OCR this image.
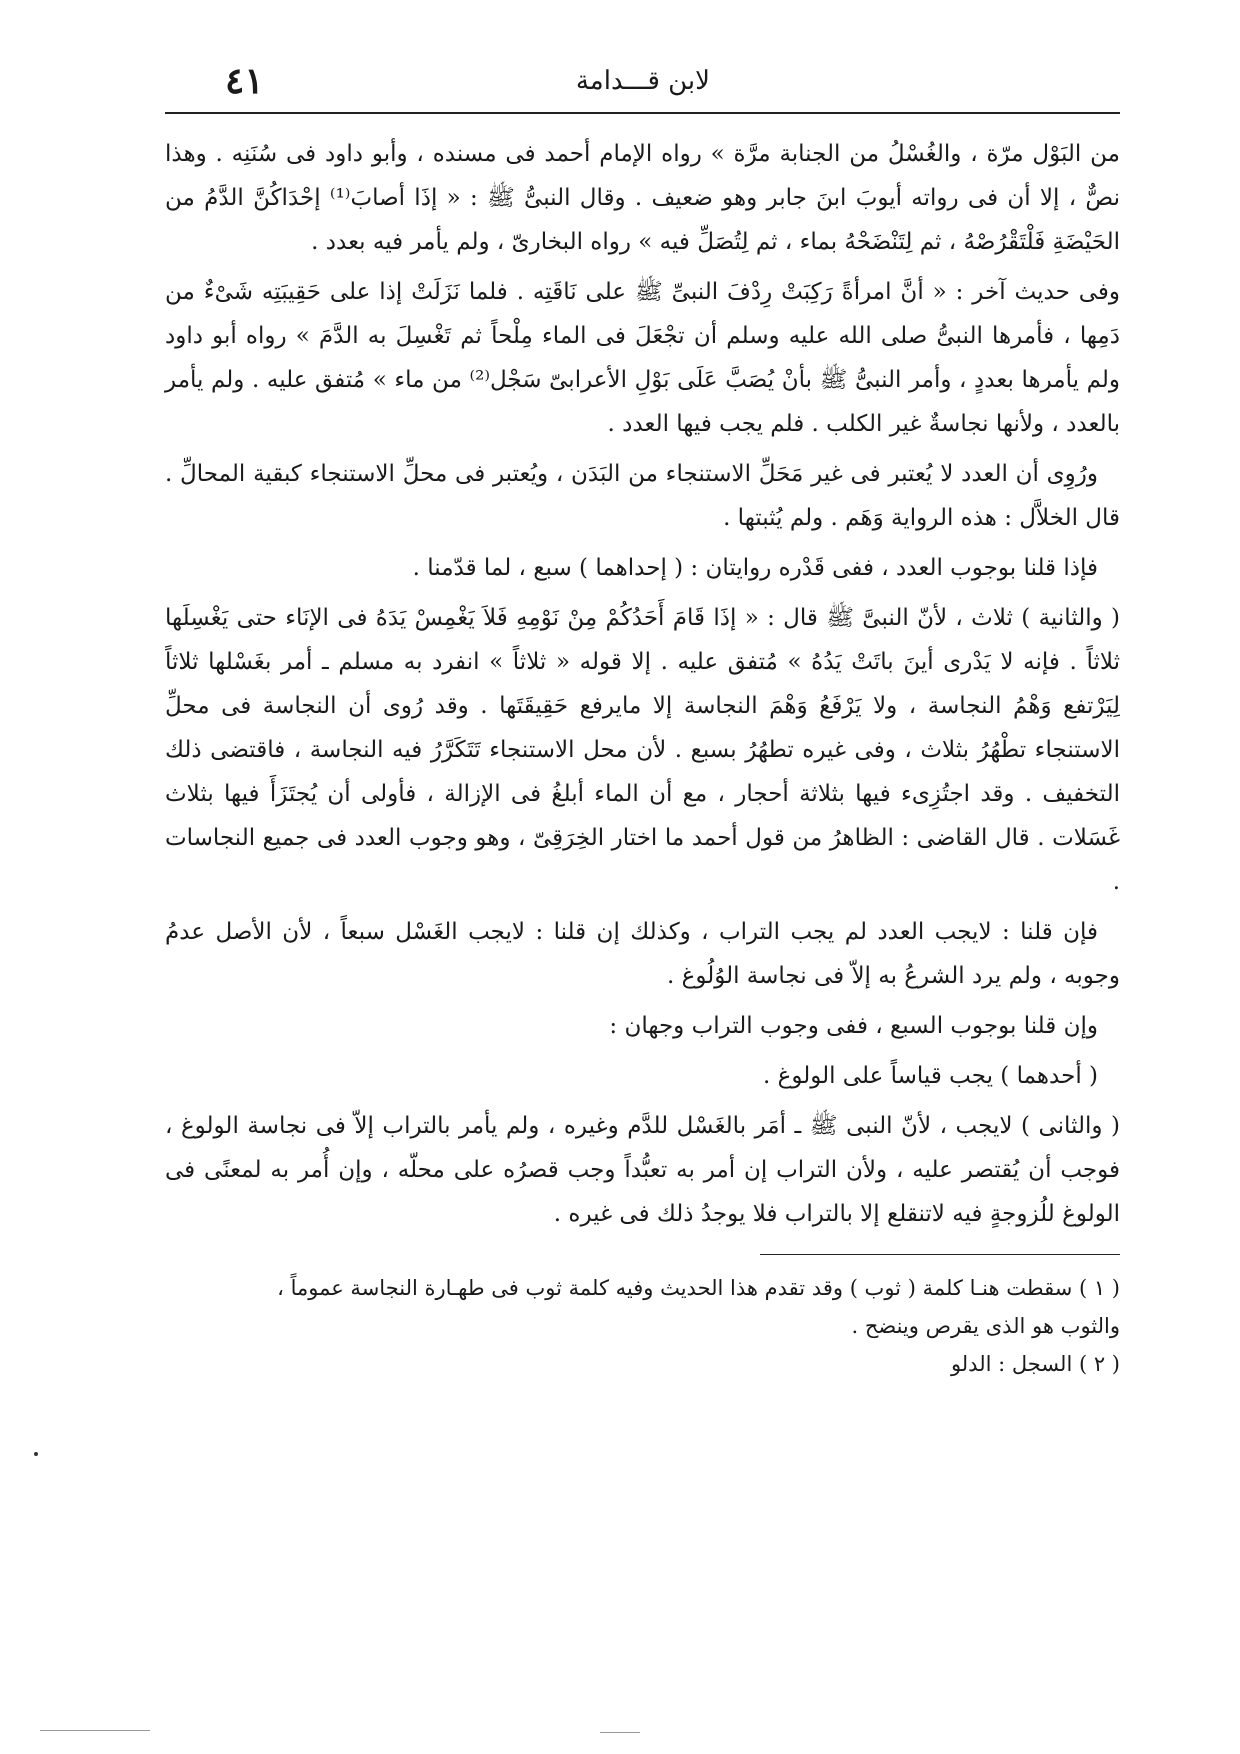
لابن قـــدامة
٤١

من البَوْل مرّة ، والغُسْلُ من الجنابة مرَّة » رواه الإمام أحمد فى مسنده ، وأبو داود فى سُنَنِه . وهذا نصٌّ ، إلا أن فى رواته أيوبَ ابنَ جابر وهو ضعيف . وقال النبىُّ ﷺ : « إذَا أصابَ⁽¹⁾ إحْدَاكُنَّ الدَّمُ من الحَيْضَةِ فَلْتَقْرُصْهُ ، ثم لِتَنْضَحْهُ بماء ، ثم لِتُصَلِّ فيه » رواه البخارىّ ، ولم يأمر فيه بعدد .

وفى حديث آخر : « أنَّ امرأةً رَكِبَتْ رِدْفَ النبىِّ ﷺ على نَاقَتِه . فلما نَزَلَتْ إذا على حَقِيبَتِه شَىْءٌ من دَمِها ، فأمرها النبىُّ صلى الله عليه وسلم أن تجْعَلَ فى الماء مِلْحاً ثم تَغْسِلَ به الدَّمَ » رواه أبو داود ولم يأمرها بعددٍ ، وأمر النبىُّ ﷺ بأنْ يُصَبَّ عَلَى بَوْلِ الأعرابىّ سَجْل⁽²⁾ من ماء » مُتفق عليه . ولم يأمر بالعدد ، ولأنها نجاسةٌ غير الكلب . فلم يجب فيها العدد .

ورُوِى أن العدد لا يُعتبر فى غير مَحَلِّ الاستنجاء من البَدَن ، ويُعتبر فى محلِّ الاستنجاء كبقية المحالِّ . قال الخلاَّل : هذه الرواية وَهَم . ولم يُثبتها .

فإذا قلنا بوجوب العدد ، ففى قَدْره روايتان : ( إحداهما ) سبع ، لما قدّمنا .

( والثانية ) ثلاث ، لأنّ النبىَّ ﷺ قال : « إذَا قَامَ أَحَدُكُمْ مِنْ نَوْمِهِ فَلاَ يَغْمِسْ يَدَهُ فى الإنَاء حتى يَغْسِلَها ثلاثاً . فإنه لا يَدْرى أينَ باتَتْ يَدُهُ » مُتفق عليه . إلا قوله « ثلاثاً » انفرد به مسلم ـ أمر بغَسْلها ثلاثاً لِيَرْتفع وَهْمُ النجاسة ، ولا يَرْفَعُ وَهْمَ النجاسة إلا مايرفع حَقِيقَتَها . وقد رُوى أن النجاسة فى محلِّ الاستنجاء تطْهُرُ بثلاث ، وفى غيره تطهُرُ بسبع . لأن محل الاستنجاء تَتَكَرَّرُ فيه النجاسة ، فاقتضى ذلك التخفيف . وقد اجتُزِىء فيها بثلاثة أحجار ، مع أن الماء أبلغُ فى الإزالة ، فأولى أن يُجتَزَأَ فيها بثلاث غَسَلات . قال القاضى : الظاهرُ من قول أحمد ما اختار الخِرَقِىّ ، وهو وجوب العدد فى جميع النجاسات .

فإن قلنا : لايجب العدد لم يجب التراب ، وكذلك إن قلنا : لايجب الغَسْل سبعاً ، لأن الأصل عدمُ وجوبه ، ولم يرد الشرعُ به إلاّ فى نجاسة الوُلُوغ .

وإن قلنا بوجوب السبع ، ففى وجوب التراب وجهان :

( أحدهما ) يجب قياساً على الولوغ .

( والثانى ) لايجب ، لأنّ النبى ﷺ ـ أمَر بالغَسْل للدَّم وغيره ، ولم يأمر بالتراب إلاّ فى نجاسة الولوغ ، فوجب أن يُقتصر عليه ، ولأن التراب إن أمر به تعبُّداً وجب قصرُه على محلّه ، وإن أُمر به لمعنًى فى الولوغ للُزوجةٍ فيه لاتنقلع إلا بالتراب فلا يوجدُ ذلك فى غيره .

( ١ ) سقطت هنـا كلمة ( ثوب ) وقد تقدم هذا الحديث وفيه كلمة ثوب فى طهـارة النجاسة عموماً ،

والثوب هو الذى يقرص وينضح .

( ٢ ) السجل : الدلو
